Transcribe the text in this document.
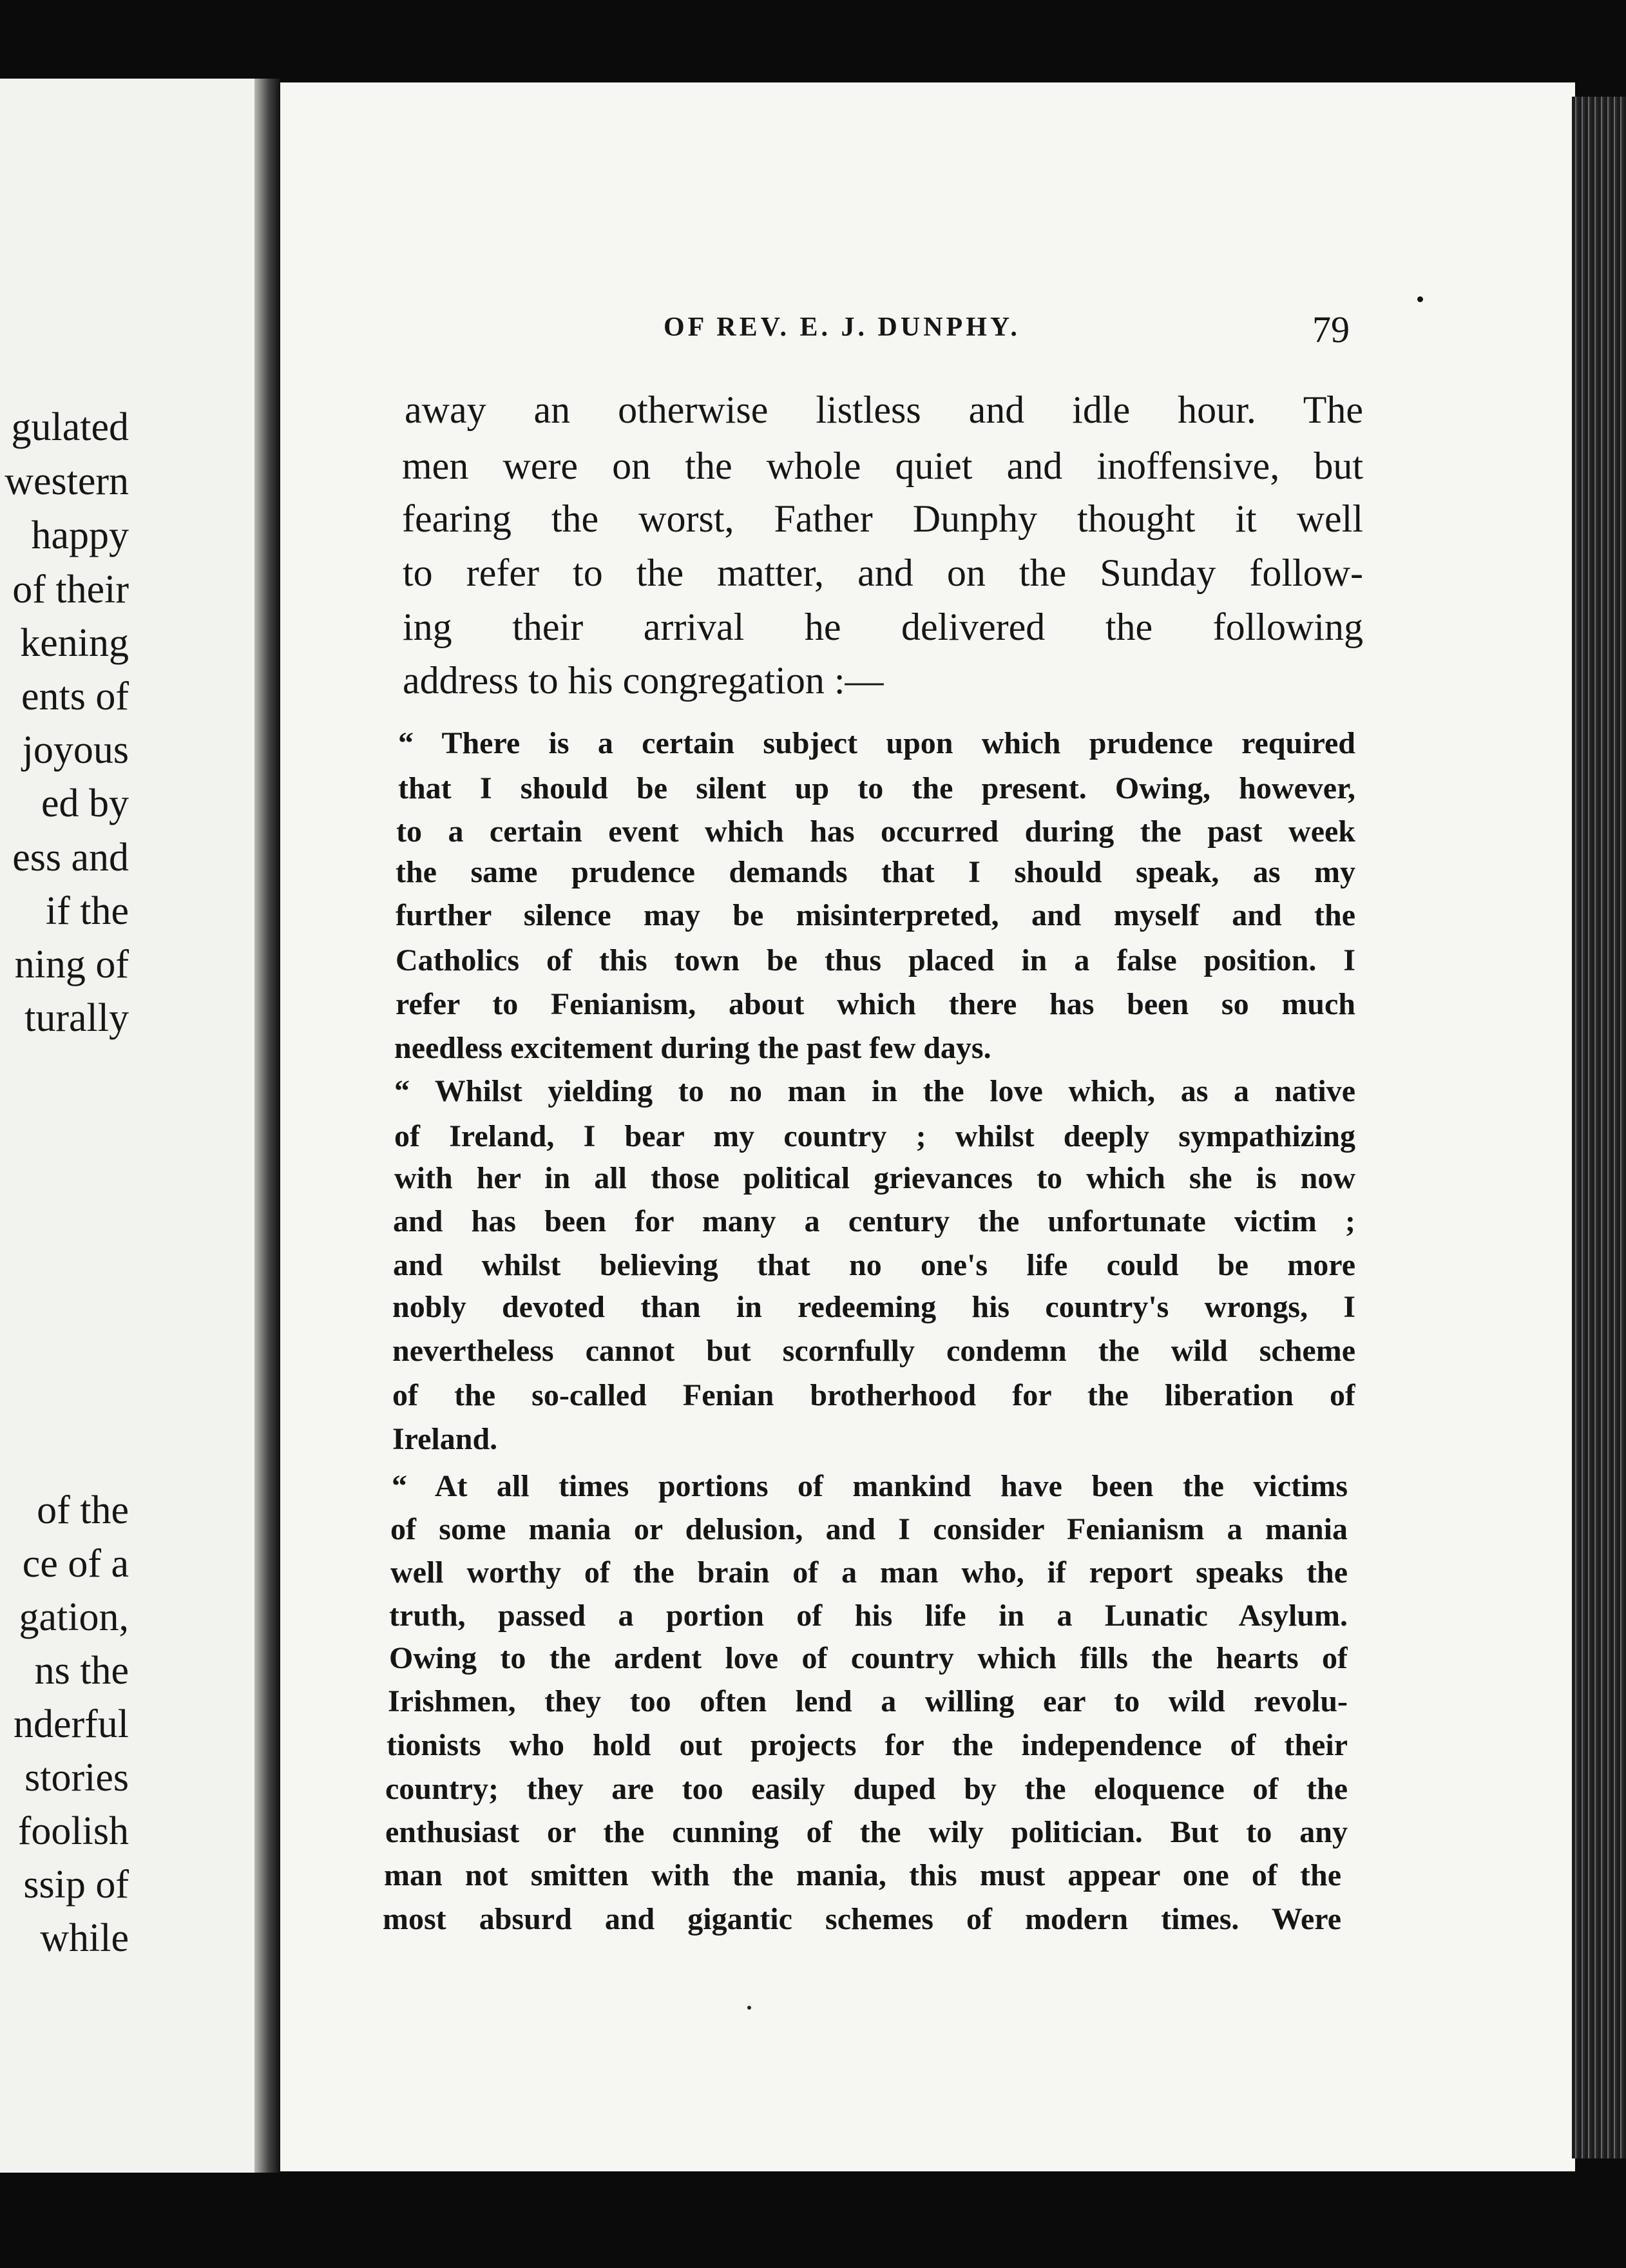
gulated
western
happy
of their
kening
ents of
joyous
ed by
ess and
if the
ning of
turally
of the
ce of a
gation,
ns the
nderful
stories
foolish
ssip of
while
OF REV. E. J. DUNPHY.	79
away an otherwise listless and idle hour. The
men were on the whole quiet and inoffensive, but
fearing the worst, Father Dunphy thought it well
to refer to the matter, and on the Sunday follow-
ing their arrival he delivered the following
address to his congregation :—
“ There is a certain subject upon which prudence required
that I should be silent up to the present. Owing, however,
to a certain event which has occurred during the past week
the same prudence demands that I should speak, as my
further silence may be misinterpreted, and myself and the
Catholics of this town be thus placed in a false position. I
refer to Fenianism, about which there has been so much
needless excitement during the past few days.
“ Whilst yielding to no man in the love which, as a native
of Ireland, I bear my country ; whilst deeply sympathizing
with her in all those political grievances to which she is now
and has been for many a century the unfortunate victim ;
and whilst believing that no one's life could be more
nobly devoted than in redeeming his country's wrongs, I
nevertheless cannot but scornfully condemn the wild scheme
of the so-called Fenian brotherhood for the liberation of
Ireland.
“ At all times portions of mankind have been the victims
of some mania or delusion, and I consider Fenianism a mania
well worthy of the brain of a man who, if report speaks the
truth, passed a portion of his life in a Lunatic Asylum.
Owing to the ardent love of country which fills the hearts of
Irishmen, they too often lend a willing ear to wild revolu-
tionists who hold out projects for the independence of their
country; they are too easily duped by the eloquence of the
enthusiast or the cunning of the wily politician. But to any
man not smitten with the mania, this must appear one of the
most absurd and gigantic schemes of modern times. Were
